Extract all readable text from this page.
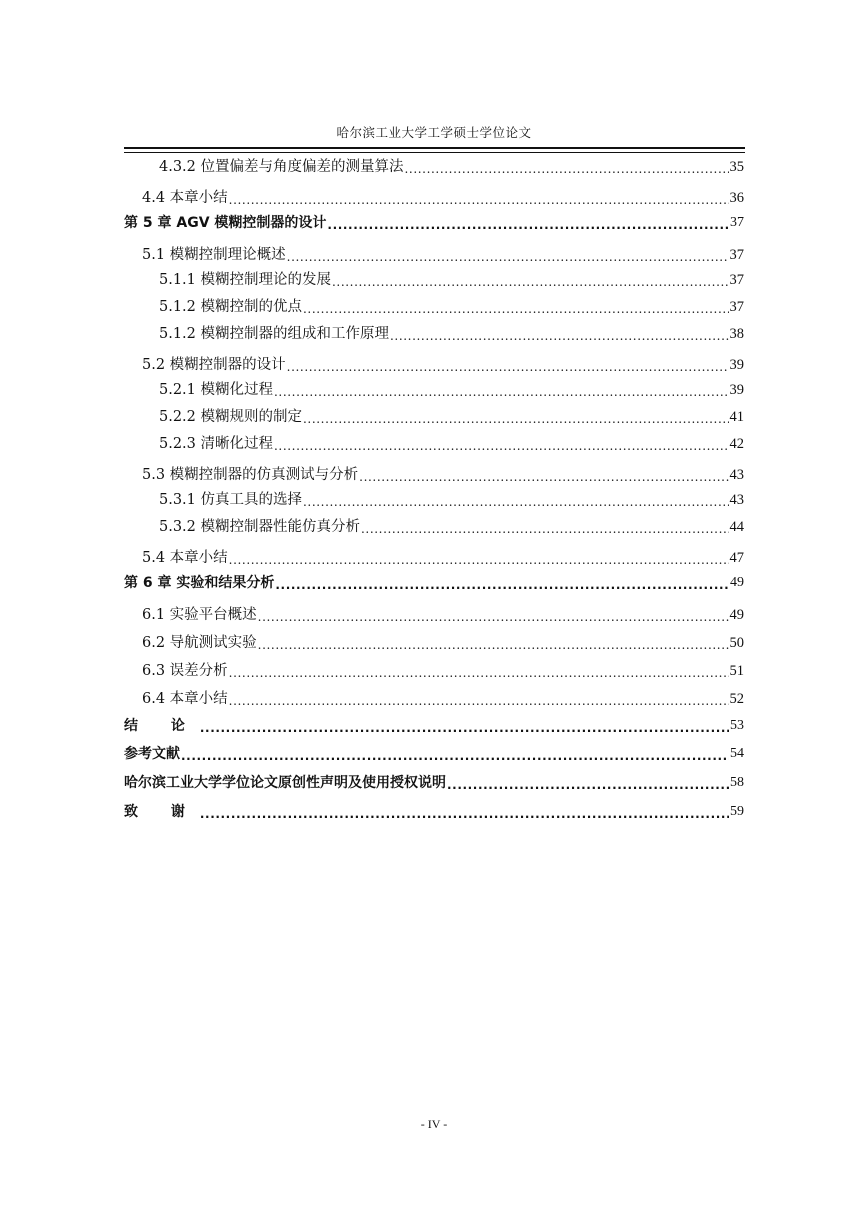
哈尔滨工业大学工学硕士学位论文
4.3.2 位置偏差与角度偏差的测量算法 .....	35
4.4 本章小结 .....	36
第 5 章 AGV 模糊控制器的设计 .....	37
5.1 模糊控制理论概述 .....	37
5.1.1 模糊控制理论的发展 .....	37
5.1.2 模糊控制的优点 .....	37
5.1.2 模糊控制器的组成和工作原理 .....	38
5.2 模糊控制器的设计 .....	39
5.2.1 模糊化过程 .....	39
5.2.2 模糊规则的制定 .....	41
5.2.3 清晰化过程 .....	42
5.3 模糊控制器的仿真测试与分析 .....	43
5.3.1 仿真工具的选择 .....	43
5.3.2 模糊控制器性能仿真分析 .....	44
5.4 本章小结 .....	47
第 6 章 实验和结果分析 .....	49
6.1 实验平台概述 .....	49
6.2 导航测试实验 .....	50
6.3 误差分析 .....	51
6.4 本章小结 .....	52
结 论 .....	53
参考文献 .....	54
哈尔滨工业大学学位论文原创性声明及使用授权说明 .....	58
致 谢 .....	59
- IV -
